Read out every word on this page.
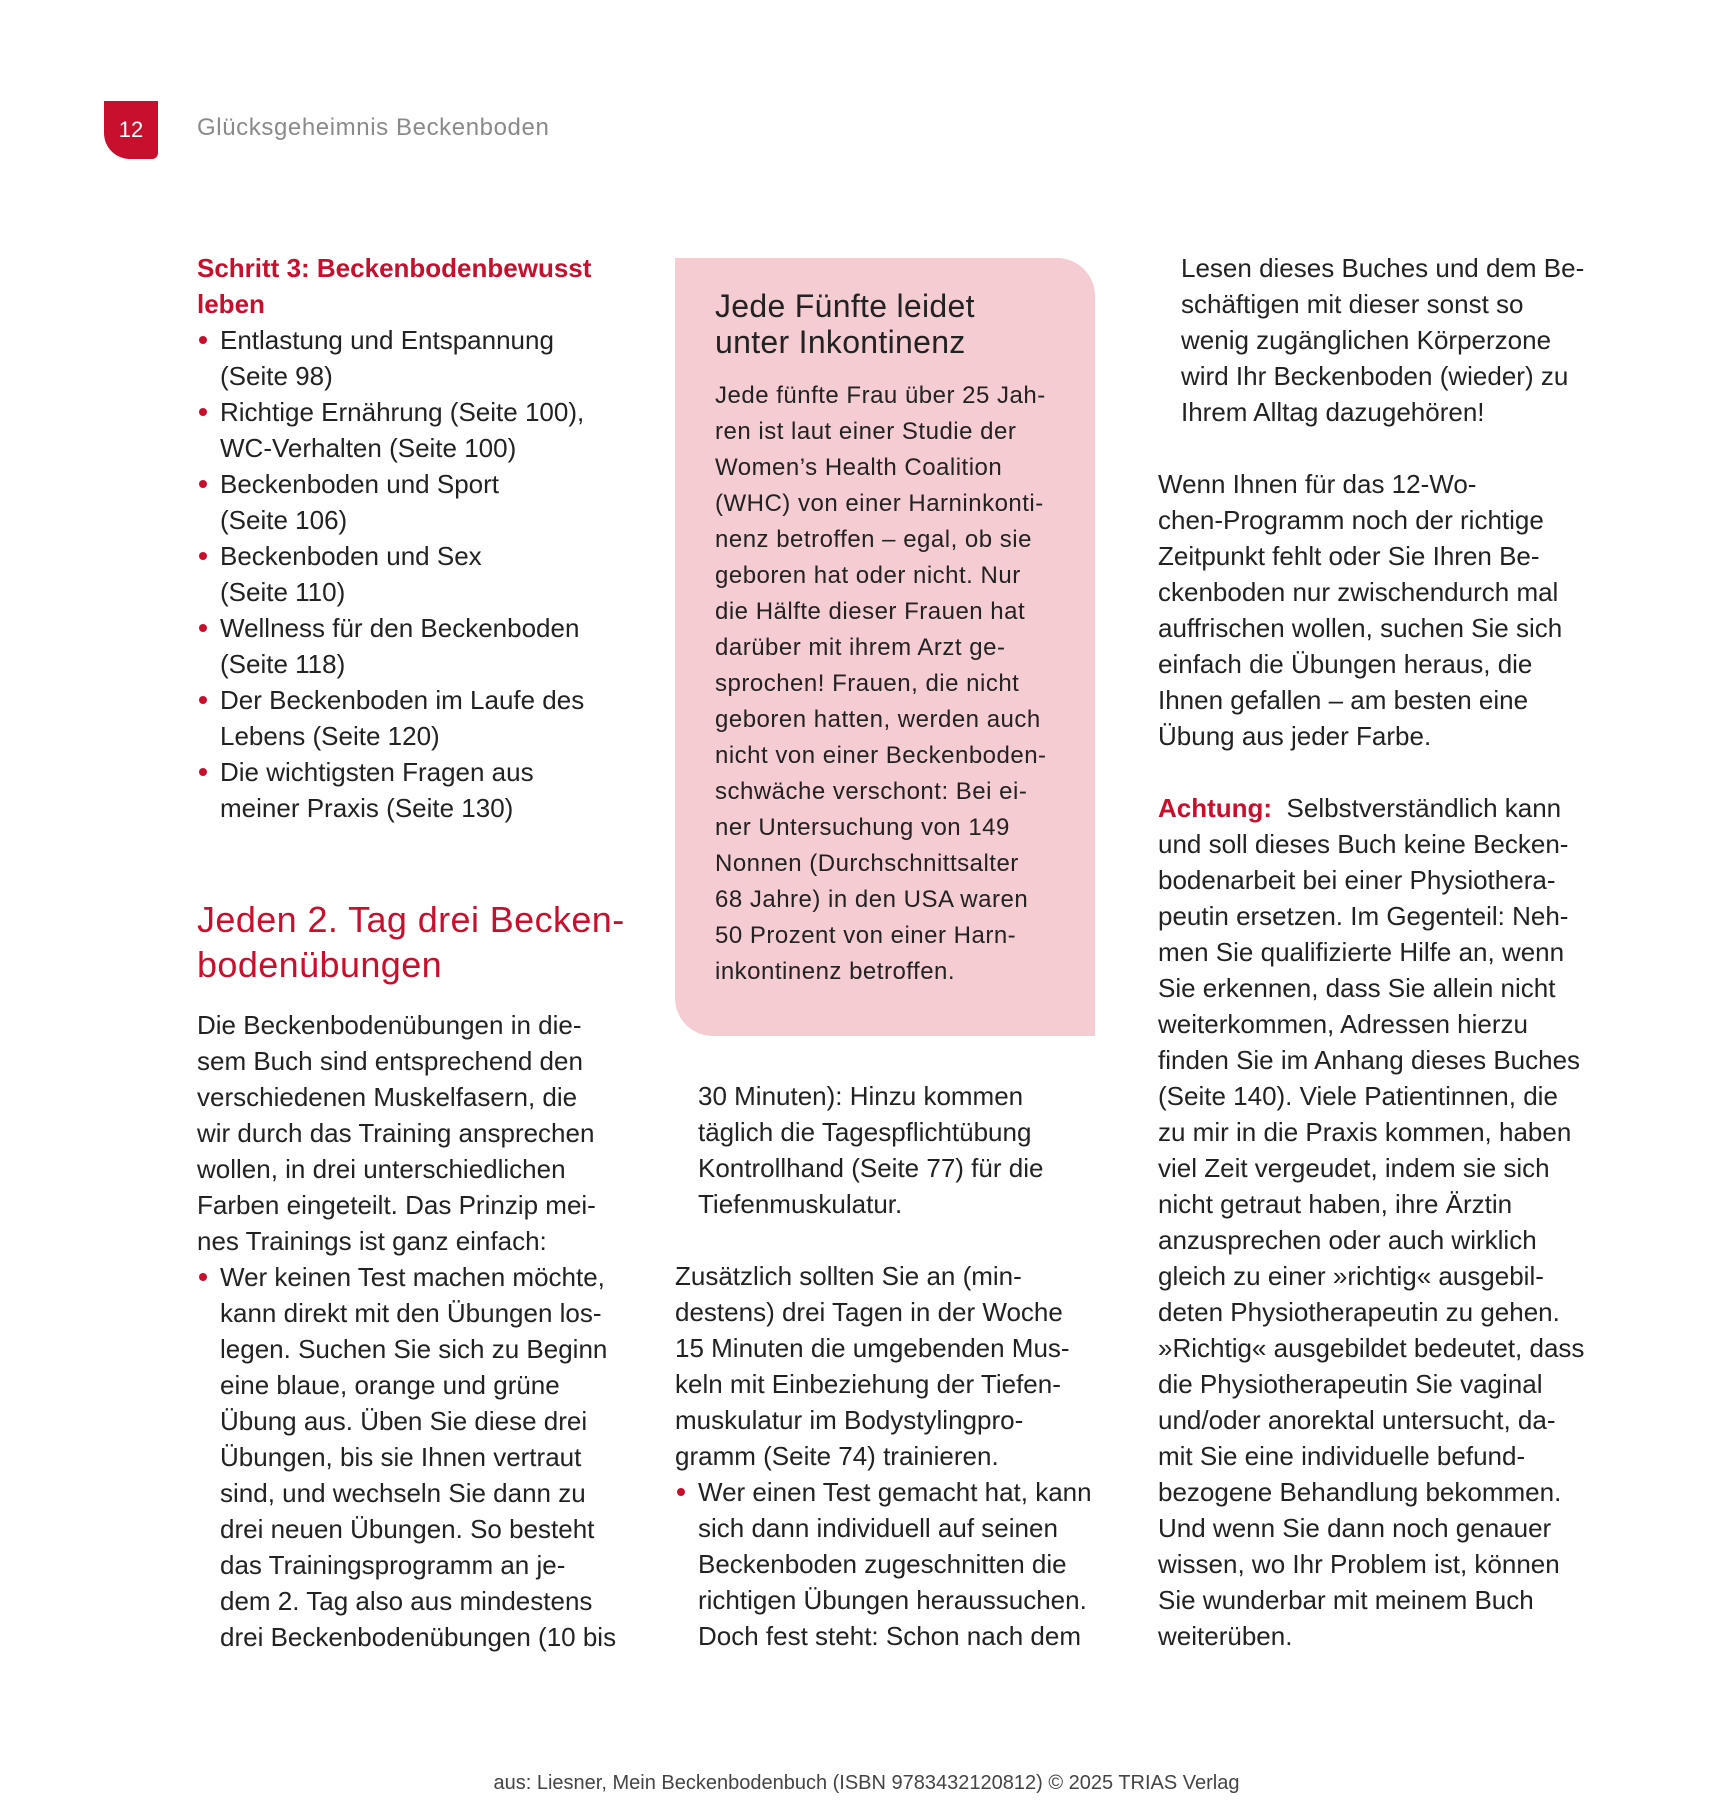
12 Glücksgeheimnis Beckenboden
Schritt 3: Beckenbodenbewusst
leben
Entlastung und Entspannung
(Seite 98)
Richtige Ernährung (Seite 100),
WC-Verhalten (Seite 100)
Beckenboden und Sport
(Seite 106)
Beckenboden und Sex
(Seite 110)
Wellness für den Beckenboden
(Seite 118)
Der Beckenboden im Laufe des
Lebens (Seite 120)
Die wichtigsten Fragen aus
meiner Praxis (Seite 130)
Jeden 2. Tag drei Becken-
bodenübungen

Die Beckenbodenübungen in die-
sem Buch sind entsprechend den
verschiedenen Muskelfasern, die
wir durch das Training ansprechen
wollen, in drei unterschiedlichen
Farben eingeteilt. Das Prinzip mei-
nes Trainings ist ganz einfach:

Wer keinen Test machen möchte,
kann direkt mit den Übungen los-
legen. Suchen Sie sich zu Beginn
eine blaue, orange und grüne
Übung aus. Üben Sie diese drei
Übungen, bis sie Ihnen vertraut
sind, und wechseln Sie dann zu
drei neuen Übungen. So besteht
das Trainingsprogramm an je-
dem 2. Tag also aus mindestens
drei Beckenbodenübungen (10 bis
Jede Fünfte leidet
unter Inkontinenz
Jede fünfte Frau über 25 Jah-
ren ist laut einer Studie der
Women’s Health Coalition
(WHC) von einer Harninkonti-
nenz betroffen – egal, ob sie
geboren hat oder nicht. Nur
die Hälfte dieser Frauen hat
darüber mit ihrem Arzt ge-
sprochen! Frauen, die nicht
geboren hatten, werden auch
nicht von einer Beckenboden-
schwäche verschont: Bei ei-
ner Untersuchung von 149
Nonnen (Durchschnittsalter
68 Jahre) in den USA waren
50 Prozent von einer Harn-
inkontinenz betroffen.

30 Minuten): Hinzu kommen
täglich die Tagespflichtübung
Kontrollhand (Seite 77) für die
Tiefenmuskulatur.

Zusätzlich sollten Sie an (min-
destens) drei Tagen in der Woche
15 Minuten die umgebenden Mus-
keln mit Einbeziehung der Tiefen-
muskulatur im Bodystylingpro-
gramm (Seite 74) trainieren.

Wer einen Test gemacht hat, kann
sich dann individuell auf seinen
Beckenboden zugeschnitten die
richtigen Übungen heraussuchen.
Doch fest steht: Schon nach dem

Lesen dieses Buches und dem Be-
schäftigen mit dieser sonst so
wenig zugänglichen Körperzone
wird Ihr Beckenboden (wieder) zu
Ihrem Alltag dazugehören!

Wenn Ihnen für das 12-Wo-
chen-Programm noch der richtige
Zeitpunkt fehlt oder Sie Ihren Be-
ckenboden nur zwischendurch mal
auffrischen wollen, suchen Sie sich
einfach die Übungen heraus, die
Ihnen gefallen – am besten eine
Übung aus jeder Farbe.

Achtung: Selbstverständlich kann
und soll dieses Buch keine Becken-
bodenarbeit bei einer Physiothera-
peutin ersetzen. Im Gegenteil: Neh-
men Sie qualifizierte Hilfe an, wenn
Sie erkennen, dass Sie allein nicht
weiterkommen, Adressen hierzu
finden Sie im Anhang dieses Buches
(Seite 140). Viele Patientinnen, die
zu mir in die Praxis kommen, haben
viel Zeit vergeudet, indem sie sich
nicht getraut haben, ihre Ärztin
anzusprechen oder auch wirklich
gleich zu einer »richtig« ausgebil-
deten Physiotherapeutin zu gehen.
»Richtig« ausgebildet bedeutet, dass
die Physiotherapeutin Sie vaginal
und/oder anorektal untersucht, da-
mit Sie eine individuelle befund-
bezogene Behandlung bekommen.
Und wenn Sie dann noch genauer
wissen, wo Ihr Problem ist, können
Sie wunderbar mit meinem Buch
weiterüben.

aus: Liesner, Mein Beckenbodenbuch (ISBN 9783432120812) © 2025 TRIAS Verlag
